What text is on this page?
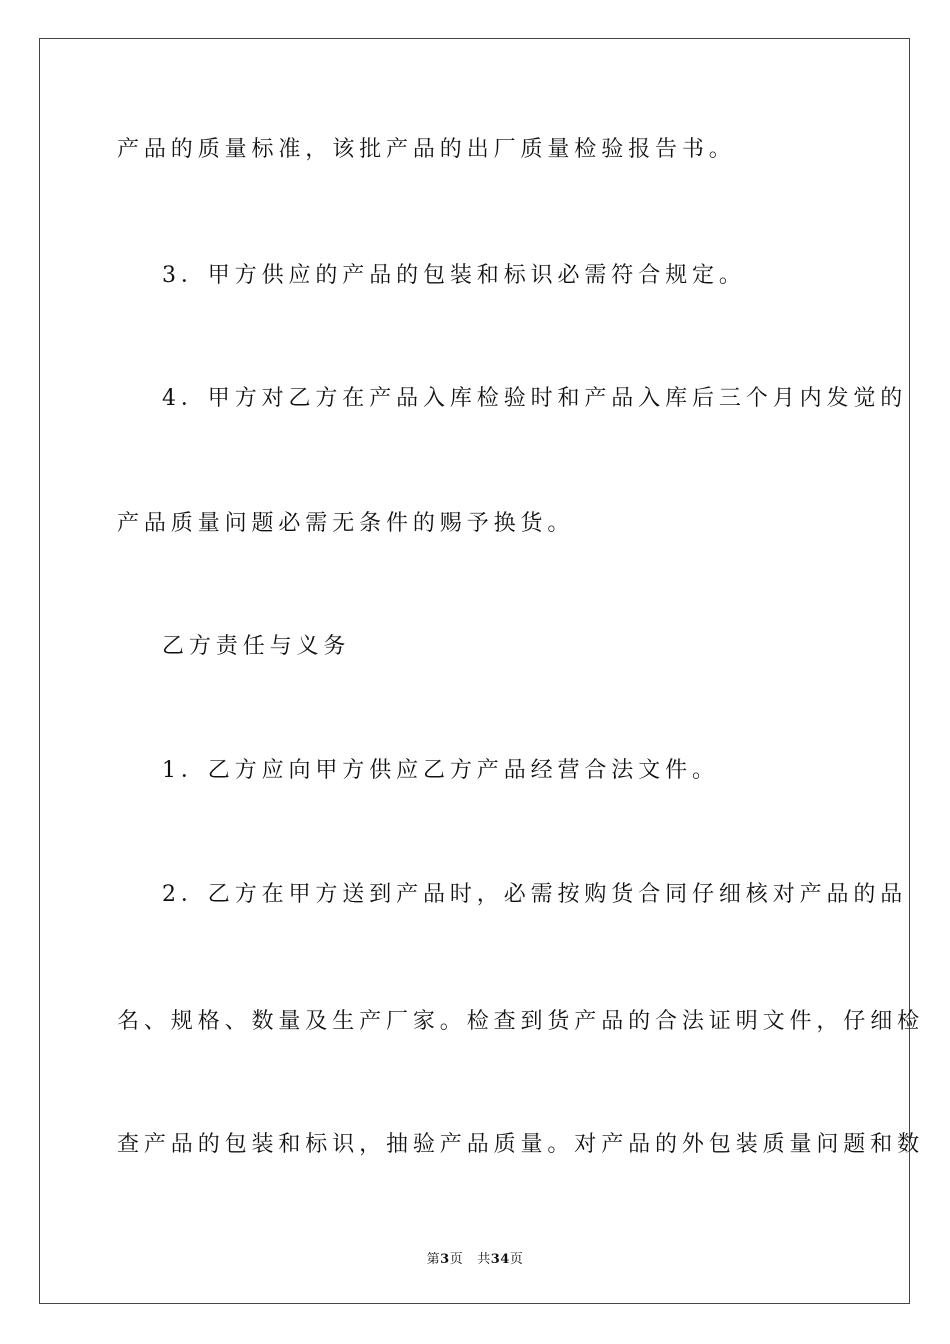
产品的质量标准，该批产品的出厂质量检验报告书。
3．甲方供应的产品的包装和标识必需符合规定。
4．甲方对乙方在产品入库检验时和产品入库后三个月内发觉的
产品质量问题必需无条件的赐予换货。
乙方责任与义务
1．乙方应向甲方供应乙方产品经营合法文件。
2．乙方在甲方送到产品时，必需按购货合同仔细核对产品的品
名、规格、数量及生产厂家。检查到货产品的合法证明文件，仔细检
查产品的包装和标识，抽验产品质量。对产品的外包装质量问题和数
第3页 共34页
